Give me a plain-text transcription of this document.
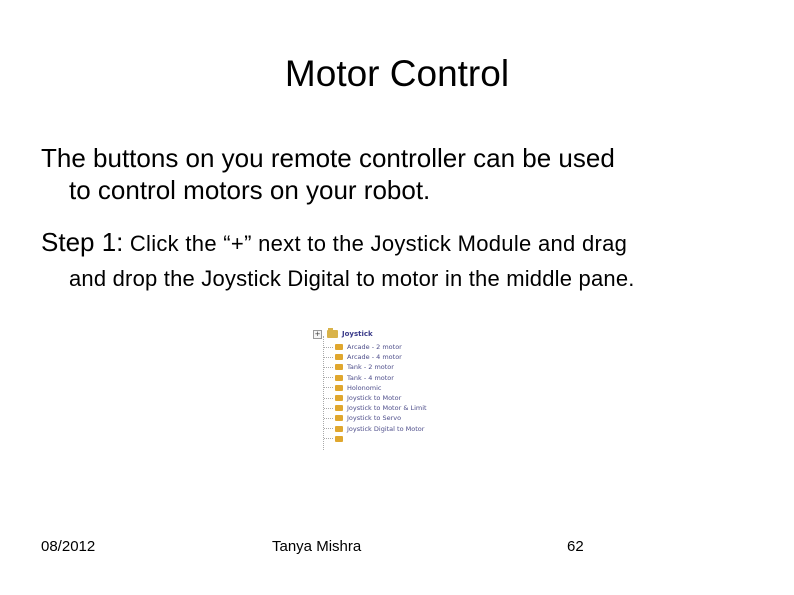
Motor Control
The buttons on you remote controller can be used
to control motors on your robot.
Step 1: Click the “+” next to the Joystick Module and drag
and drop the Joystick Digital to motor in the middle pane.
+	Joystick
Arcade - 2 motor
Arcade - 4 motor
Tank - 2 motor
Tank - 4 motor
Holonomic
Joystick to Motor
Joystick to Motor & Limit
Joystick to Servo
Joystick Digital to Motor
08/2012	Tanya Mishra	62
